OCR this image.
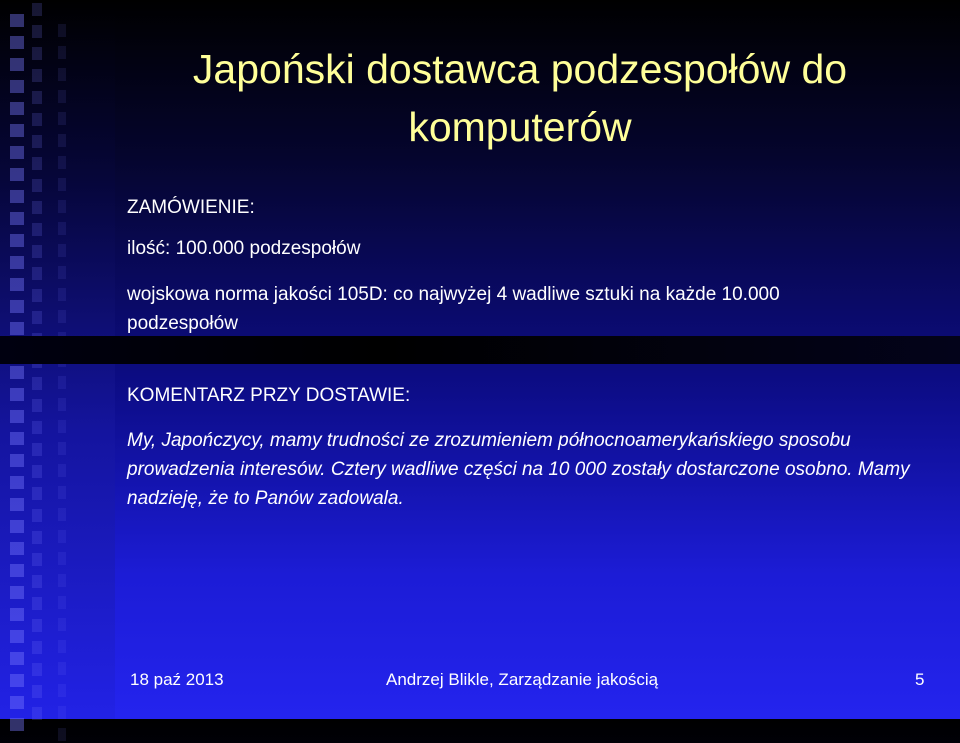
Japoński dostawca podzespołów do komputerów
ZAMÓWIENIE:
ilość: 100.000 podzespołów
wojskowa norma jakości 105D: co najwyżej 4 wadliwe sztuki na każde 10.000 podzespołów
KOMENTARZ PRZY DOSTAWIE:
My, Japończycy, mamy trudności ze zrozumieniem północnoamerykańskiego sposobu prowadzenia interesów. Cztery wadliwe części na 10 000 zostały dostarczone osobno. Mamy nadzieję, że to Panów zadowala.
18 paź 2013	Andrzej Blikle, Zarządzanie jakością	5
